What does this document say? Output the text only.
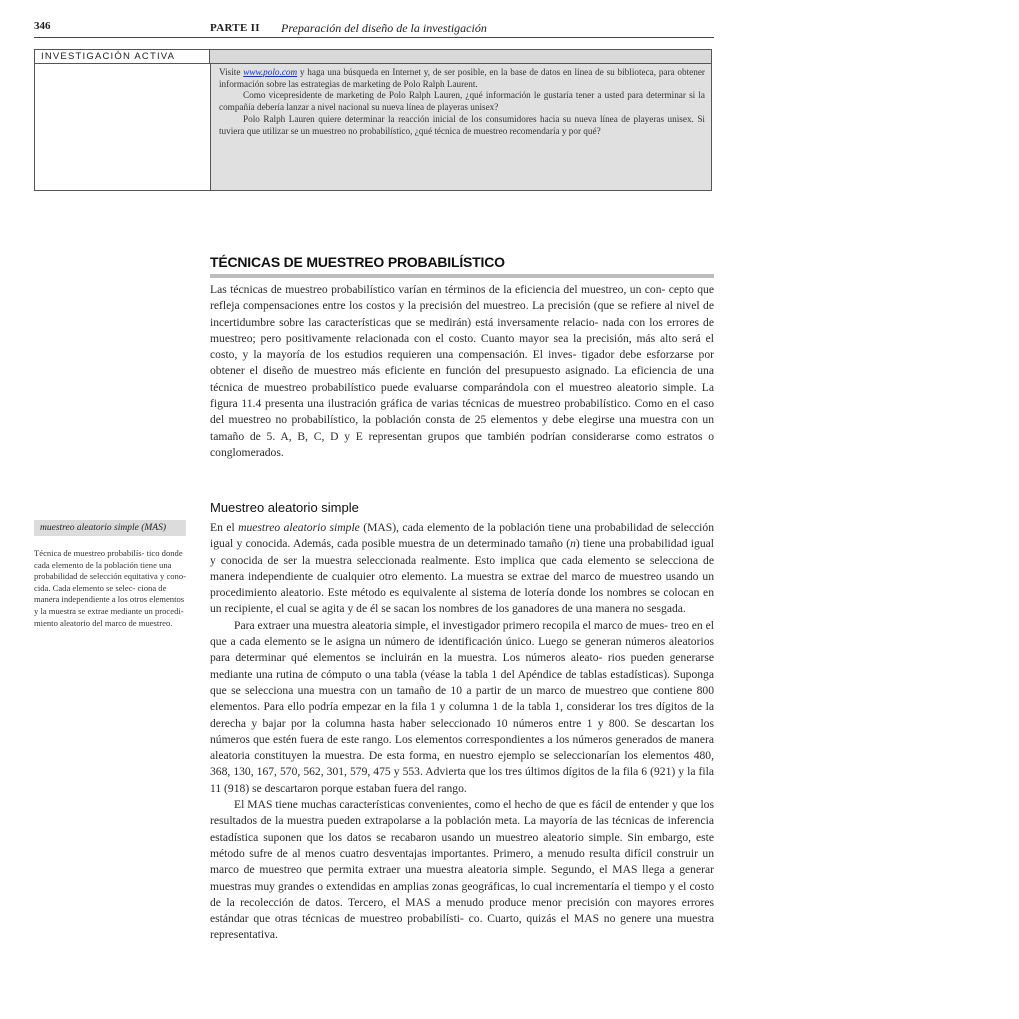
346	PARTE II Preparación del diseño de la investigación
INVESTIGACIÓN ACTIVA

Visite www.polo.com y haga una búsqueda en Internet y, de ser posible, en la base de datos en línea de su biblioteca, para obtener información sobre las estrategias de marketing de Polo Ralph Laurent.

Como vicepresidente de marketing de Polo Ralph Lauren, ¿qué información le gustaría tener a usted para determinar si la compañía debería lanzar a nivel nacional su nueva línea de playeras unisex?

Polo Ralph Lauren quiere determinar la reacción inicial de los consumidores hacia su nueva línea de playeras unisex. Si tuviera que utilizar se un muestreo no probabilístico, ¿qué técnica de muestreo recomendaría y por qué?

TÉCNICAS DE MUESTREO PROBABILÍSTICO

Las técnicas de muestreo probabilístico varían en términos de la eficiencia del muestreo, un con- cepto que refleja compensaciones entre los costos y la precisión del muestreo. La precisión (que se refiere al nivel de incertidumbre sobre las características que se medirán) está inversamente relacio- nada con los errores de muestreo; pero positivamente relacionada con el costo. Cuanto mayor sea la precisión, más alto será el costo, y la mayoría de los estudios requieren una compensación. El inves- tigador debe esforzarse por obtener el diseño de muestreo más eficiente en función del presupuesto asignado. La eficiencia de una técnica de muestreo probabilístico puede evaluarse comparándola con el muestreo aleatorio simple. La figura 11.4 presenta una ilustración gráfica de varias técnicas de muestreo probabilístico. Como en el caso del muestreo no probabilístico, la población consta de 25 elementos y debe elegirse una muestra con un tamaño de 5. A, B, C, D y E representan grupos que también podrían considerarse como estratos o conglomerados.

Muestreo aleatorio simple

En el muestreo aleatorio simple (MAS), cada elemento de la población tiene una probabilidad de selección igual y conocida. Además, cada posible muestra de un determinado tamaño (n) tiene una probabilidad igual y conocida de ser la muestra seleccionada realmente. Esto implica que cada elemento se selecciona de manera independiente de cualquier otro elemento. La muestra se extrae del marco de muestreo usando un procedimiento aleatorio. Este método es equivalente al sistema de lotería donde los nombres se colocan en un recipiente, el cual se agita y de él se sacan los nombres de los ganadores de una manera no sesgada.

Para extraer una muestra aleatoria simple, el investigador primero recopila el marco de mues- treo en el que a cada elemento se le asigna un número de identificación único. Luego se generan números aleatorios para determinar qué elementos se incluirán en la muestra. Los números aleato- rios pueden generarse mediante una rutina de cómputo o una tabla (véase la tabla 1 del Apéndice de tablas estadísticas). Suponga que se selecciona una muestra con un tamaño de 10 a partir de un marco de muestreo que contiene 800 elementos. Para ello podría empezar en la fila 1 y columna 1 de la tabla 1, considerar los tres dígitos de la derecha y bajar por la columna hasta haber seleccionado 10 números entre 1 y 800. Se descartan los números que estén fuera de este rango. Los elementos correspondientes a los números generados de manera aleatoria constituyen la muestra. De esta forma, en nuestro ejemplo se seleccionarían los elementos 480, 368, 130, 167, 570, 562, 301, 579, 475 y 553. Advierta que los tres últimos dígitos de la fila 6 (921) y la fila 11 (918) se descartaron porque estaban fuera del rango.

El MAS tiene muchas características convenientes, como el hecho de que es fácil de entender y que los resultados de la muestra pueden extrapolarse a la población meta. La mayoría de las técnicas de inferencia estadística suponen que los datos se recabaron usando un muestreo aleatorio simple. Sin embargo, este método sufre de al menos cuatro desventajas importantes. Primero, a menudo resulta difícil construir un marco de muestreo que permita extraer una muestra aleatoria simple. Segundo, el MAS llega a generar muestras muy grandes o extendidas en amplias zonas geográficas, lo cual incrementaría el tiempo y el costo de la recolección de datos. Tercero, el MAS a menudo produce menor precisión con mayores errores estándar que otras técnicas de muestreo probabilísti- co. Cuarto, quizás el MAS no genere una muestra representativa.

muestreo aleatorio simple (MAS)
Técnica de muestreo probabilís- tico donde cada elemento de la población tiene una probabilidad de selección equitativa y cono- cida. Cada elemento se selec- ciona de manera independiente a los otros elementos y la muestra se extrae mediante un procedi- miento aleatorio del marco de muestreo.
